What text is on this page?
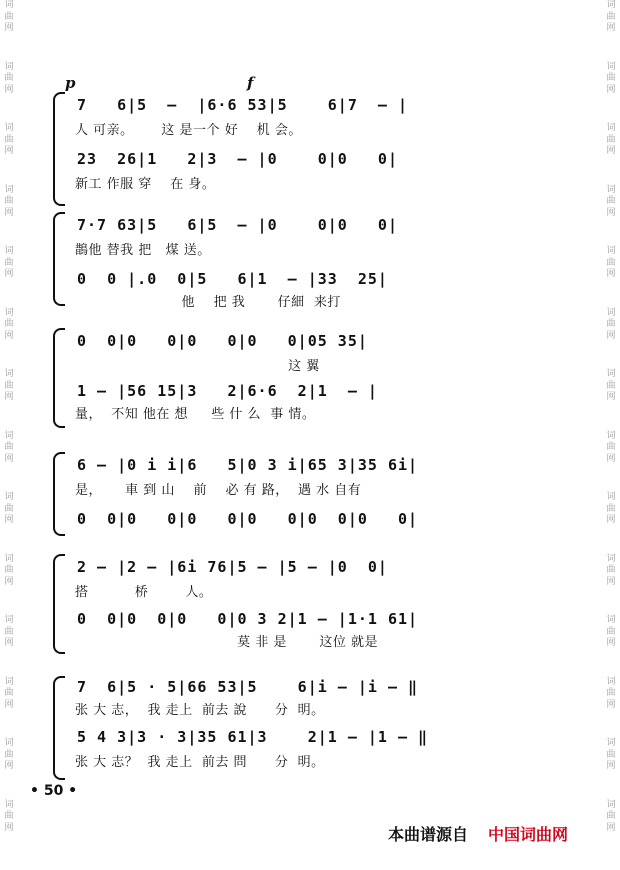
词
曲
网
词
曲
网
词
曲
网
词
曲
网
词
曲
网
词
曲
网
词
曲
网
词
曲
网
词
曲
网
词
曲
网
词
曲
网
词
曲
网
词
曲
网
词
曲
网
词
曲
网
词
曲
网
词
曲
网
词
曲
网
词
曲
网
词
曲
网
词
曲
网
词
曲
网
词
曲
网
词
曲
网
词
曲
网
词
曲
网
词
曲
网
词
曲
网
p	f
7   6|5  —  |6·6 53|5    6|7  — |
人 可亲。      这 是一个 好    机 会。
23  26|1   2|3  — |0    0|0   0|
新工 作服 穿    在 身。
7·7 63|5   6|5  — |0    0|0   0|
鵲他 替我 把   煤 送。
0  0 |.0  0|5   6|1  — |33  25|
他    把 我       仔細  来打
0  0|0   0|0   0|0   0|05 35|
这 翼
1 — |56 15|3   2|6·6  2|1  — |
量，  不知 他在 想     些 什 么  事 情。
6 — |0 i i|6   5|0 3 i|65 3|35 6i|
是，     車 到 山    前    必 有 路，  遇 水 自有
0  0|0   0|0   0|0   0|0  0|0   0|
2 — |2 — |6i 76|5 — |5 — |0  0|
搭          桥        人。
0  0|0  0|0   0|0 3 2|1 — |1·1 61|
莫 非 是       这位 就是
7  6|5 · 5|66 53|5    6|i — |i — ‖
张 大 志，  我 走上  前去 說      分  明。
5 4 3|3 · 3|35 61|3    2|1 — |1 — ‖
张 大 志？  我 走上  前去 問      分  明。
• 50 •
本曲谱源自 中国词曲网
